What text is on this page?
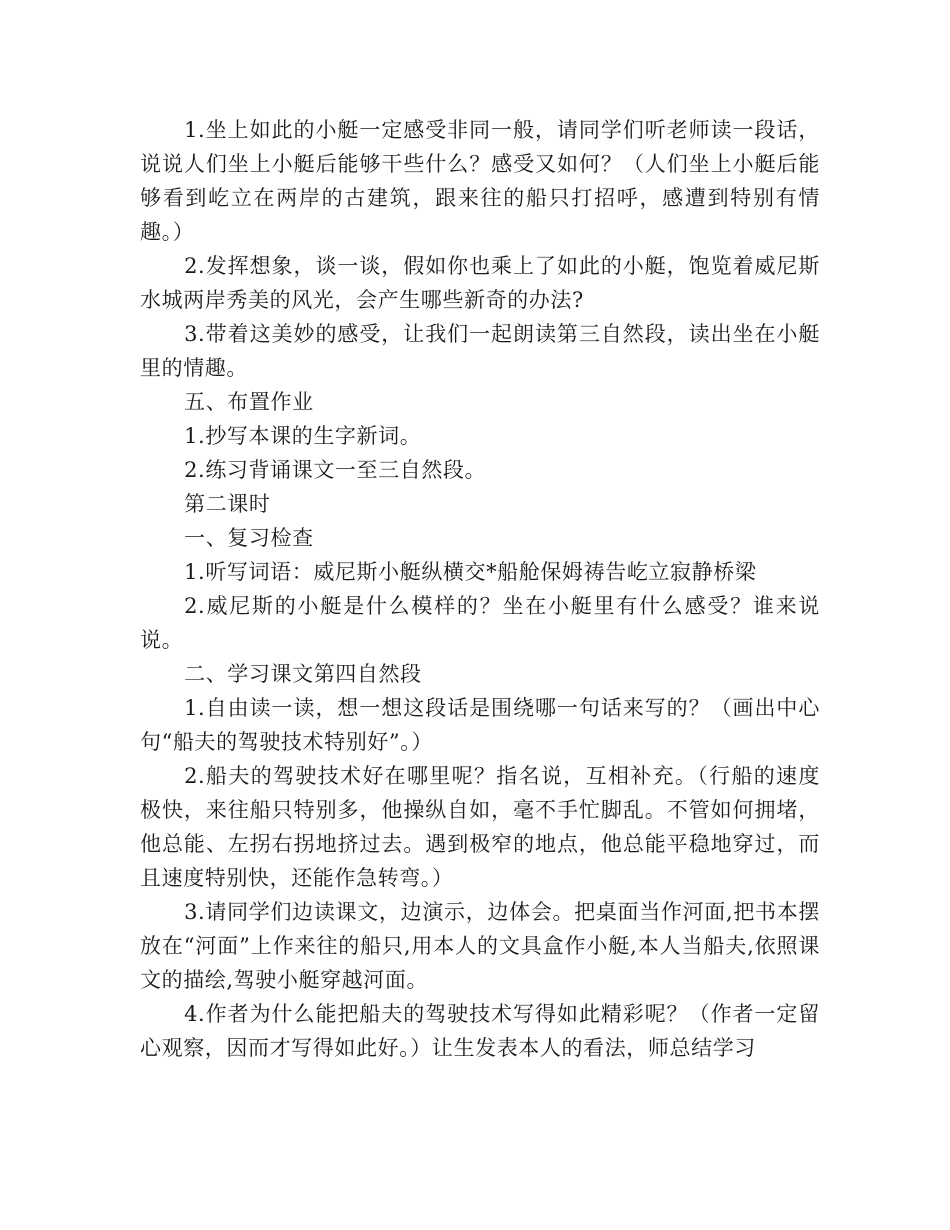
1.坐上如此的小艇一定感受非同一般，请同学们听老师读一段话，说说人们坐上小艇后能够干些什么？感受又如何？（人们坐上小艇后能够看到屹立在两岸的古建筑，跟来往的船只打招呼，感遭到特别有情趣。）

2.发挥想象，谈一谈，假如你也乘上了如此的小艇，饱览着威尼斯水城两岸秀美的风光，会产生哪些新奇的办法?

3.带着这美妙的感受，让我们一起朗读第三自然段，读出坐在小艇里的情趣。

五、布置作业

1.抄写本课的生字新词。

2.练习背诵课文一至三自然段。

第二课时

一、复习检查

1.听写词语：威尼斯小艇纵横交*船舱保姆祷告屹立寂静桥梁

2.威尼斯的小艇是什么模样的？坐在小艇里有什么感受？谁来说说。

二、学习课文第四自然段

1.自由读一读，想一想这段话是围绕哪一句话来写的？（画出中心句“船夫的驾驶技术特别好”。）

2.船夫的驾驶技术好在哪里呢？指名说，互相补充。（行船的速度极快，来往船只特别多，他操纵自如，毫不手忙脚乱。不管如何拥堵，他总能、左拐右拐地挤过去。遇到极窄的地点，他总能平稳地穿过，而且速度特别快，还能作急转弯。）

3.请同学们边读课文，边演示，边体会。把桌面当作河面,把书本摆放在“河面”上作来往的船只,用本人的文具盒作小艇,本人当船夫,依照课文的描绘,驾驶小艇穿越河面。

4.作者为什么能把船夫的驾驶技术写得如此精彩呢？（作者一定留心观察，因而才写得如此好。）让生发表本人的看法，师总结学习
